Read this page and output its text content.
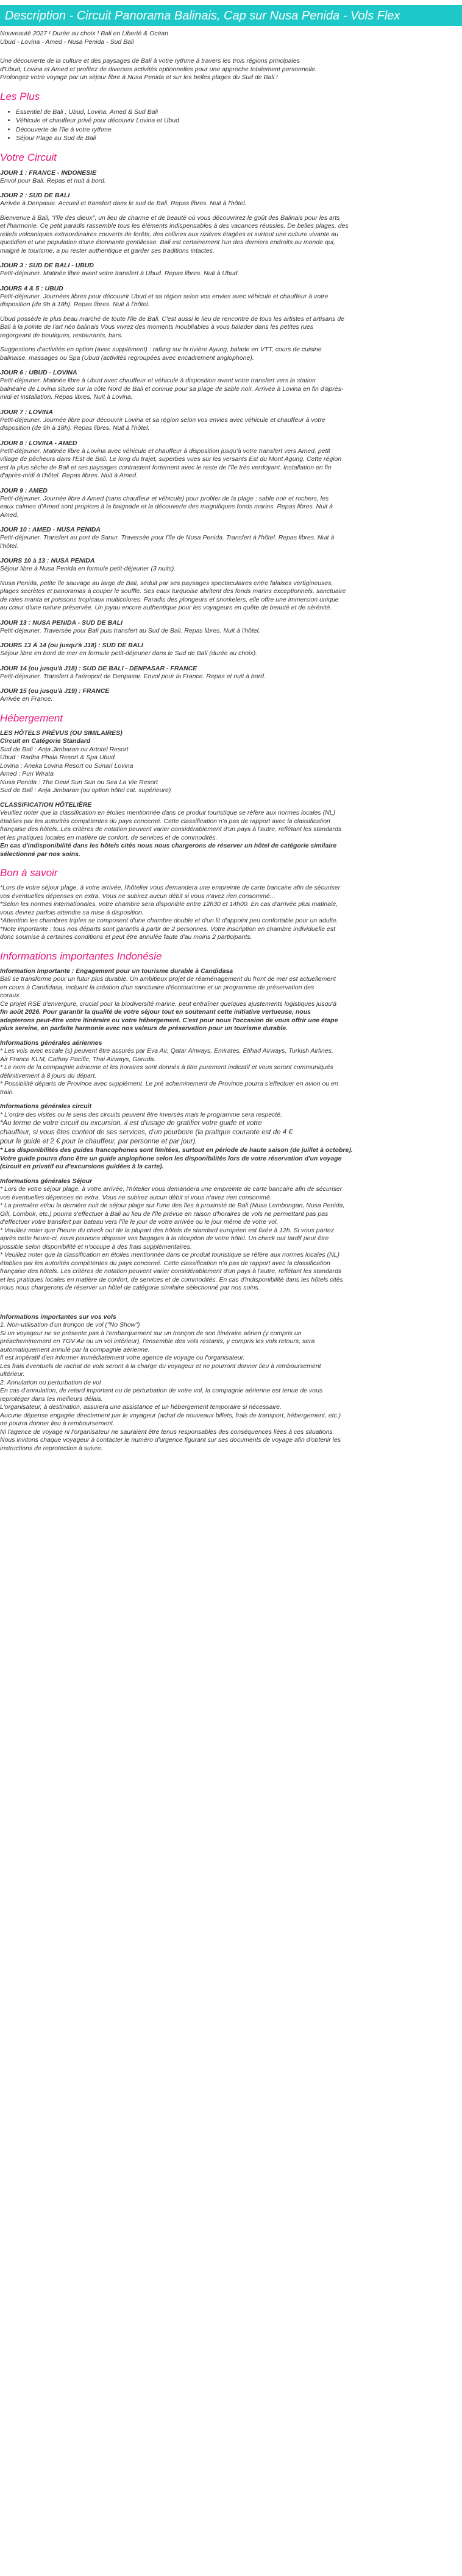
Description - Circuit Panorama Balinais, Cap sur Nusa Penida - Vols Flex
Nouveauté 2027 ! Durée au choix ! Bali en Liberté & Océan
Ubud - Lovina - Amed - Nusa Penida - Sud Bali
Une découverte de la culture et des paysages de Bali à votre rythme à travers les trois régions principales
d'Ubud, Lovina et Amed et profitez de diverses activités optionnelles pour une approche totalement personnelle.
Prolongez votre voyage par un séjour libre à Nusa Penida et sur les belles plages du Sud de Bali !
Les Plus
• Essentiel de Bali : Ubud, Lovina, Amed & Sud Bali
• Véhicule et chauffeur privé pour découvrir Lovina et Ubud
• Découverte de l'île à votre rythme
• Séjour Plage au Sud de Bali
Votre Circuit
JOUR 1 : FRANCE - INDONESIE
Envol pour Bali. Repas et nuit à bord.
JOUR 2 : SUD DE BALI
Arrivée à Denpasar. Accueil et transfert dans le sud de Bali. Repas libres. Nuit à l'hôtel.
Bienvenue à Bali, "l'île des dieux", un lieu de charme et de beauté où vous découvrirez le goût des Balinais pour les arts
et l'harmonie. Ce petit paradis rassemble tous les éléments indispensables à des vacances réussies. De belles plages, des
reliefs volcaniques extraordinaires couverts de forêts, des collines aux rizières étagées et surtout une culture vivante au
quotidien et une population d'une étonnante gentillesse. Bali est certainement l'un des derniers endroits au monde qui,
malgré le tourisme, a pu rester authentique et garder ses traditions intactes.
JOUR 3 : SUD DE BALI - UBUD
Petit-déjeuner. Matinée libre avant votre transfert à Ubud. Repas libres. Nuit à Ubud.
JOURS 4 & 5 : UBUD
Petit-déjeuner. Journées libres pour découvrir Ubud et sa région selon vos envies avec véhicule et chauffeur à votre
disposition (de 9h à 18h). Repas libres. Nuit à l'hôtel.
Ubud possède le plus beau marché de toute l'île de Bali. C'est aussi le lieu de rencontre de tous les artistes et artisans de
Bali à la pointe de l'art néo balinais Vous vivrez des moments inoubliables à vous balader dans les petites rues
regorgeant de boutiques, restaurants, bars.
Suggestions d'activités en option (avec supplément) : rafting sur la rivière Ayung, balade en VTT, cours de cuisine
balinaise, massages ou Spa (Ubud (activités regroupées avec encadrement anglophone).
JOUR 6 : UBUD - LOVINA
Petit-déjeuner. Matinée libre à Ubud avec chauffeur et véhicule à disposition avant votre transfert vers la station
balnéaire de Lovina située sur la côte Nord de Bali et connue pour sa plage de sable noir. Arrivée à Lovina en fin d'après-
midi et installation. Repas libres. Nuit à Lovina.
JOUR 7 : LOVINA
Petit-déjeuner. Journée libre pour découvrir Lovina et sa région selon vos envies avec véhicule et chauffeur à votre
disposition (de 9h à 18h). Repas libres. Nuit à l'hôtel.
JOUR 8 : LOVINA - AMED
Petit-déjeuner. Matinée libre à Lovina avec véhicule et chauffeur à disposition jusqu'à votre transfert vers Amed, petit
village de pêcheurs dans l'Est de Bali. Le long du trajet, superbes vues sur les versants Est du Mont Agung. Cette région
est la plus sèche de Bali et ses paysages contrastent fortement avec le reste de l'île très verdoyant. Installation en fin
d'après-midi à l'hôtel. Repas libres. Nuit à Amed.
JOUR 9 : AMED
Petit-déjeuner. Journée libre à Amed (sans chauffeur et véhicule) pour profiter de la plage : sable noir et rochers, les
eaux calmes d'Amed sont propices à la baignade et la découverte des magnifiques fonds marins. Repas libres. Nuit à
Amed.
JOUR 10 : AMED - NUSA PENIDA
Petit-déjeuner. Transfert au port de Sanur. Traversée pour l'île de Nusa Penida. Transfert à l'hôtel. Repas libres. Nuit à
l'hôtel.
JOURS 10 à 13 : NUSA PENIDA
Séjour libre à Nusa Penida en formule petit-déjeuner (3 nuits).
Nusa Penida, petite île sauvage au large de Bali, séduit par ses paysages spectaculaires entre falaises vertigineuses,
plages secrètes et panoramas à couper le souffle. Ses eaux turquoise abritent des fonds marins exceptionnels, sanctuaire
de raies manta et poissons tropicaux multicolores. Paradis des plongeurs et snorkelers, elle offre une immersion unique
au cœur d'une nature préservée. Un joyau encore authentique pour les voyageurs en quête de beauté et de sérénité.
JOUR 13 : NUSA PENIDA - SUD DE BALI
Petit-déjeuner. Traversée pour Bali puis transfert au Sud de Bali. Repas libres. Nuit à l'hôtel.
JOURS 13 À 14 (ou jusqu'à J18) : SUD DE BALI
Séjour libre en bord de mer en formule petit-déjeuner dans le Sud de Bali (durée au choix).
JOUR 14 (ou jusqu'à J18) : SUD DE BALI - DENPASAR - FRANCE
Petit-déjeuner. Transfert à l'aéroport de Denpasar. Envol pour la France. Repas et nuit à bord.
JOUR 15 (ou jusqu'à J19) : FRANCE
Arrivée en France.
Hébergement
LES HÔTELS PRÉVUS (OU SIMILAIRES)
Circuit en Catégorie Standard
Sud de Bali : Anja Jimbaran ou Artotel Resort
Ubud : Radha Phala Resort & Spa Ubud
Lovina : Aneka Lovina Resort ou Sunari Lovina
Amed : Puri Wirata
Nusa Penida : The Dewi Sun Sun ou Sea La Vie Resort
Sud de Bali : Anja Jimbaran (ou option hôtel cat. supérieure)
CLASSIFICATION HÔTELIÈRE
Veuillez noter que la classification en étoiles mentionnée dans ce produit touristique se réfère aux normes locales (NL)
établies par les autorités compétentes du pays concerné. Cette classification n'a pas de rapport avec la classification
française des hôtels. Les critères de notation peuvent varier considérablement d'un pays à l'autre, reflétant les standards
et les pratiques locales en matière de confort, de services et de commodités.
En cas d'indisponibilité dans les hôtels cités nous nous chargerons de réserver un hôtel de catégorie similaire
sélectionné par nos soins.
Bon à savoir
*Lors de votre séjour plage, à votre arrivée, l'hôtelier vous demandera une empreinte de carte bancaire afin de sécuriser
vos éventuelles dépenses en extra. Vous ne subirez aucun débit si vous n'avez rien consommé...
*Selon les normes internationales, votre chambre sera disponible entre 12h30 et 14h00. En cas d'arrivée plus matinale,
vous devrez parfois attendre sa mise à disposition.
*Attention les chambres triples se composent d'une chambre double et d'un lit d'appoint peu confortable pour un adulte.
*Note importante : tous nos départs sont garantis à partir de 2 personnes. Votre inscription en chambre individuelle est
donc soumise à certaines conditions et peut être annulée faute d'au moins 2 participants.
Informations importantes Indonésie
Information Importante : Engagement pour un tourisme durable à Candidasa
Bali se transforme pour un futur plus durable. Un ambitieux projet de réaménagement du front de mer est actuellement
en cours à Candidasa, incluant la création d'un sanctuaire d'écotourisme et un programme de préservation des
coraux.
Ce projet RSE d'envergure, crucial pour la biodiversité marine, peut entraîner quelques ajustements logistiques jusqu'à
fin août 2026. Pour garantir la qualité de votre séjour tout en soutenant cette initiative vertueuse, nous
adapterons peut-être votre itinéraire ou votre hébergement. C'est pour nous l'occasion de vous offrir une étape
plus sereine, en parfaite harmonie avec nos valeurs de préservation pour un tourisme durable.
Informations générales aériennes
* Les vols avec escale (s) peuvent être assurés par Eva Air, Qatar Airways, Emirates, Etihad Airways, Turkish Airlines,
Air France KLM, Cathay Pacific, Thai Airways, Garuda.
* Le nom de la compagnie aérienne et les horaires sont donnés à titre purement indicatif et vous seront communiqués
définitivement à 8 jours du départ.
* Possibilité départs de Province avec supplément. Le pré acheminement de Province pourra s'effectuer en avion ou en
train.
Informations générales circuit
* L'ordre des visites ou le sens des circuits peuvent être inversés mais le programme sera respecté.
*Au terme de votre circuit ou excursion, il est d'usage de gratifier votre guide et votre
chauffeur, si vous êtes content de ses services, d'un pourboire (la pratique courante est de 4 €
pour le guide et 2 € pour le chauffeur, par personne et par jour).
* Les disponibilités des guides francophones sont limitées, surtout en période de haute saison (de juillet à octobre).
Votre guide pourra donc être un guide anglophone selon les disponibilités lors de votre réservation d'un voyage
(circuit en privatif ou d'excursions guidées à la carte).
Informations générales Séjour
* Lors de votre séjour plage, à votre arrivée, l'hôtelier vous demandera une empreinte de carte bancaire afin de sécuriser
vos éventuelles dépenses en extra. Vous ne subirez aucun débit si vous n'avez rien consommé.
* La première et/ou la dernière nuit de séjour plage sur l'une des îles à proximité de Bali (Nusa Lembongan, Nusa Penida,
Gili, Lombok, etc.) pourra s'effectuer à Bali au lieu de l'île prévue en raison d'horaires de vols ne permettant pas pas
d'effectuer votre transfert par bateau vers l'île le jour de votre arrivée ou le jour même de votre vol.
* Veuillez noter que l'heure du check out de la plupart des hôtels de standard européen est fixée à 12h. Si vous partez
après cette heure-ci, nous pouvons disposer vos bagages à la réception de votre hôtel. Un check out tardif peut être
possible selon disponibilité et n'occupe à des frais supplémentaires.
* Veuillez noter que la classification en étoiles mentionnée dans ce produit touristique se réfère aux normes locales (NL)
établies par les autorités compétentes du pays concerné. Cette classification n'a pas de rapport avec la classification
française des hôtels. Les critères de notation peuvent varier considérablement d'un pays à l'autre, reflétant les standards
et les pratiques locales en matière de confort, de services et de commodités. En cas d'indisponibilité dans les hôtels cités
nous nous chargerons de réserver un hôtel de catégorie similaire sélectionné par nos soins.
Informations importantes sur vos vols
1. Non-utilisation d'un tronçon de vol ("No Show")
Si un voyageur ne se présente pas à l'embarquement sur un tronçon de son itinéraire aérien (y compris un
préacheminement en TGV Air ou un vol intérieur), l'ensemble des vols restants, y compris les vols retours, sera
automatiquement annulé par la compagnie aérienne.
Il est impératif d'en informer immédiatement votre agence de voyage ou l'organisateur.
Les frais éventuels de rachat de vols seront à la charge du voyageur et ne pourront donner lieu à remboursement
ultérieur.
2. Annulation ou perturbation de vol
En cas d'annulation, de retard important ou de perturbation de votre vol, la compagnie aérienne est tenue de vous
reprotéger dans les meilleurs délais.
L'organisateur, à destination, assurera une assistance et un hébergement temporaire si nécessaire.
Aucune dépense engagée directement par le voyageur (achat de nouveaux billets, frais de transport, hébergement, etc.)
ne pourra donner lieu à remboursement.
Ni l'agence de voyage ni l'organisateur ne sauraient être tenus responsables des conséquences liées à ces situations.
Nous invitons chaque voyageur à contacter le numéro d'urgence figurant sur ses documents de voyage afin d'obtenir les
instructions de reprotection à suivre.
